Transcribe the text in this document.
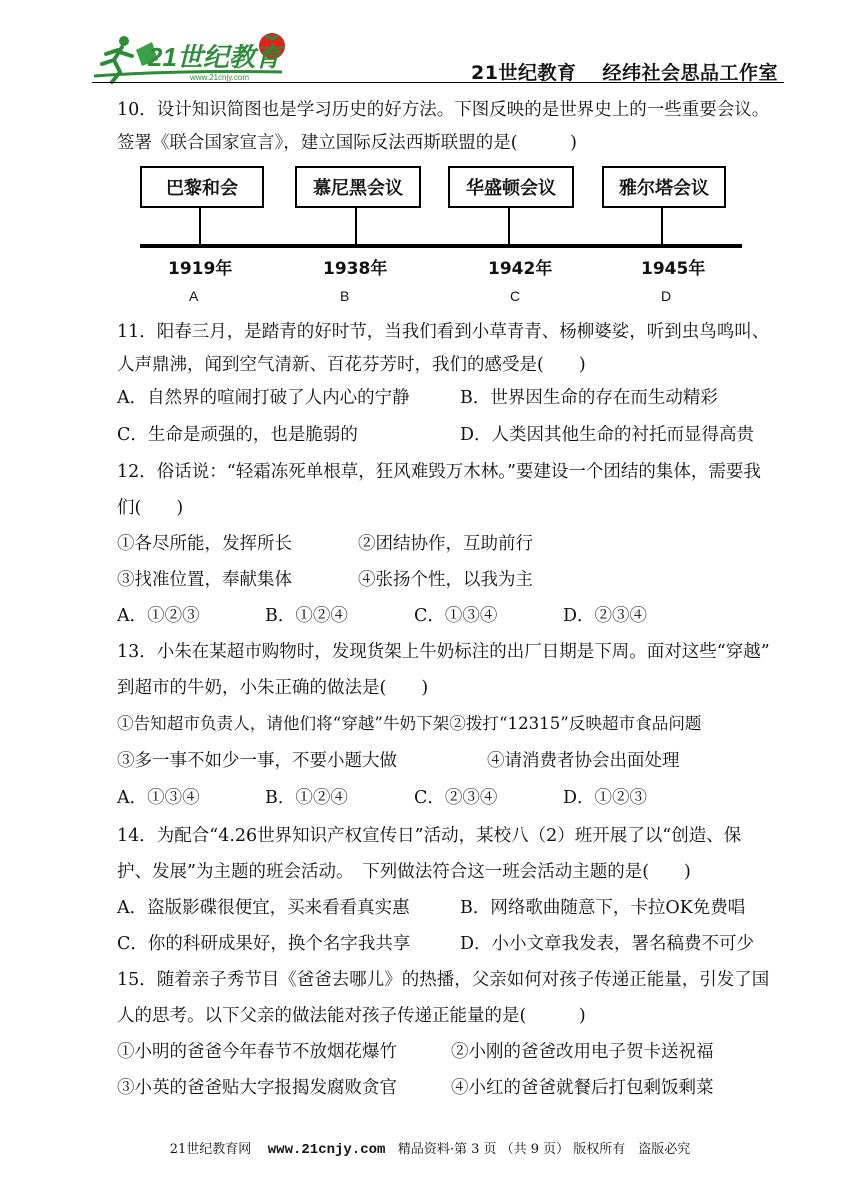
21世纪教育
www.21cnjy.com	21世纪教育 经纬社会思品工作室
10．设计知识简图也是学习历史的好方法。下图反映的是世界史上的一些重要会议。
签署《联合国家宣言》，建立国际反法西斯联盟的是(　　　)
巴黎和会	慕尼黑会议	华盛顿会议	雅尔塔会议
1919年	1938年	1942年	1945年
A	B	C	D
11．阳春三月，是踏青的好时节，当我们看到小草青青、杨柳婆娑，听到虫鸟鸣叫、
人声鼎沸，闻到空气清新、百花芬芳时，我们的感受是(　　)
A．自然界的喧闹打破了人内心的宁静	B．世界因生命的存在而生动精彩
C．生命是顽强的，也是脆弱的	D．人类因其他生命的衬托而显得高贵
12．俗话说：“轻霜冻死单根草，狂风难毁万木林。”要建设一个团结的集体，需要我
们(　　)
①各尽所能，发挥所长	②团结协作，互助前行
③找准位置，奉献集体	④张扬个性，以我为主
A．①②③	B．①②④	C．①③④	D．②③④
13．小朱在某超市购物时，发现货架上牛奶标注的出厂日期是下周。面对这些“穿越”
到超市的牛奶，小朱正确的做法是(　　)
①告知超市负责人，请他们将“穿越”牛奶下架②拨打“12315”反映超市食品问题
③多一事不如少一事，不要小题大做	④请消费者协会出面处理
A．①③④	B．①②④	C．②③④	D．①②③
14．为配合“4.26世界知识产权宣传日”活动，某校八（2）班开展了以“创造、保
护、发展”为主题的班会活动。　下列做法符合这一班会活动主题的是(　　)
A．盗版影碟很便宜，买来看看真实惠	B．网络歌曲随意下，卡拉OK免费唱
C．你的科研成果好，换个名字我共享	D．小小文章我发表，署名稿费不可少
15．随着亲子秀节目《爸爸去哪儿》的热播，父亲如何对孩子传递正能量，引发了国
人的思考。以下父亲的做法能对孩子传递正能量的是(　　　)
①小明的爸爸今年春节不放烟花爆竹	②小刚的爸爸改用电子贺卡送祝福
③小英的爸爸贴大字报揭发腐败贪官	④小红的爸爸就餐后打包剩饭剩菜
21世纪教育网 www.21cnjy.com 精品资料·第 3 页 （共 9 页） 版权所有　盗版必究
